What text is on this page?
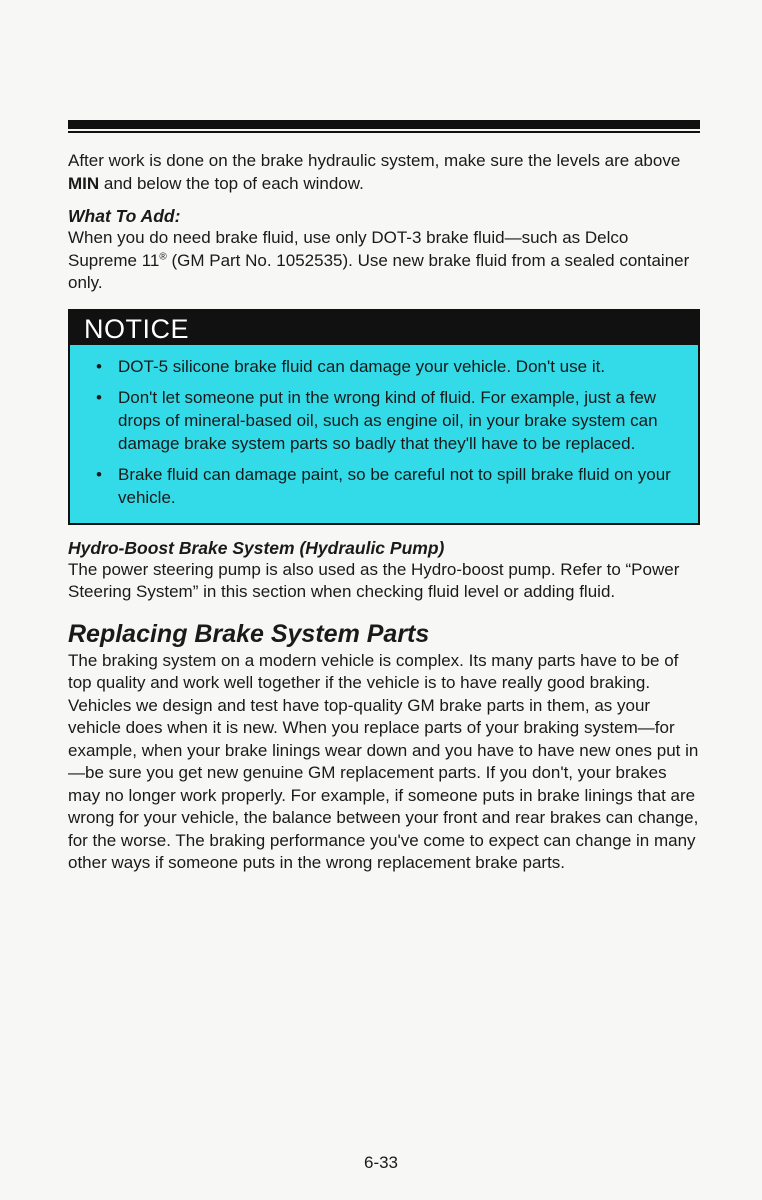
After work is done on the brake hydraulic system, make sure the levels are above MIN and below the top of each window.

What To Add:

When you do need brake fluid, use only DOT-3 brake fluid—such as Delco Supreme 11® (GM Part No. 1052535). Use new brake fluid from a sealed container only.

NOTICE
• DOT-5 silicone brake fluid can damage your vehicle. Don't use it.
• Don't let someone put in the wrong kind of fluid. For example, just a few drops of mineral-based oil, such as engine oil, in your brake system can damage brake system parts so badly that they'll have to be replaced.
• Brake fluid can damage paint, so be careful not to spill brake fluid on your vehicle.
Hydro-Boost Brake System (Hydraulic Pump)

The power steering pump is also used as the Hydro-boost pump. Refer to “Power Steering System” in this section when checking fluid level or adding fluid.

Replacing Brake System Parts

The braking system on a modern vehicle is complex. Its many parts have to be of top quality and work well together if the vehicle is to have really good braking. Vehicles we design and test have top-quality GM brake parts in them, as your vehicle does when it is new. When you replace parts of your braking system—for example, when your brake linings wear down and you have to have new ones put in—be sure you get new genuine GM replacement parts. If you don't, your brakes may no longer work properly. For example, if someone puts in brake linings that are wrong for your vehicle, the balance between your front and rear brakes can change, for the worse. The braking performance you've come to expect can change in many other ways if someone puts in the wrong replacement brake parts.

6-33
